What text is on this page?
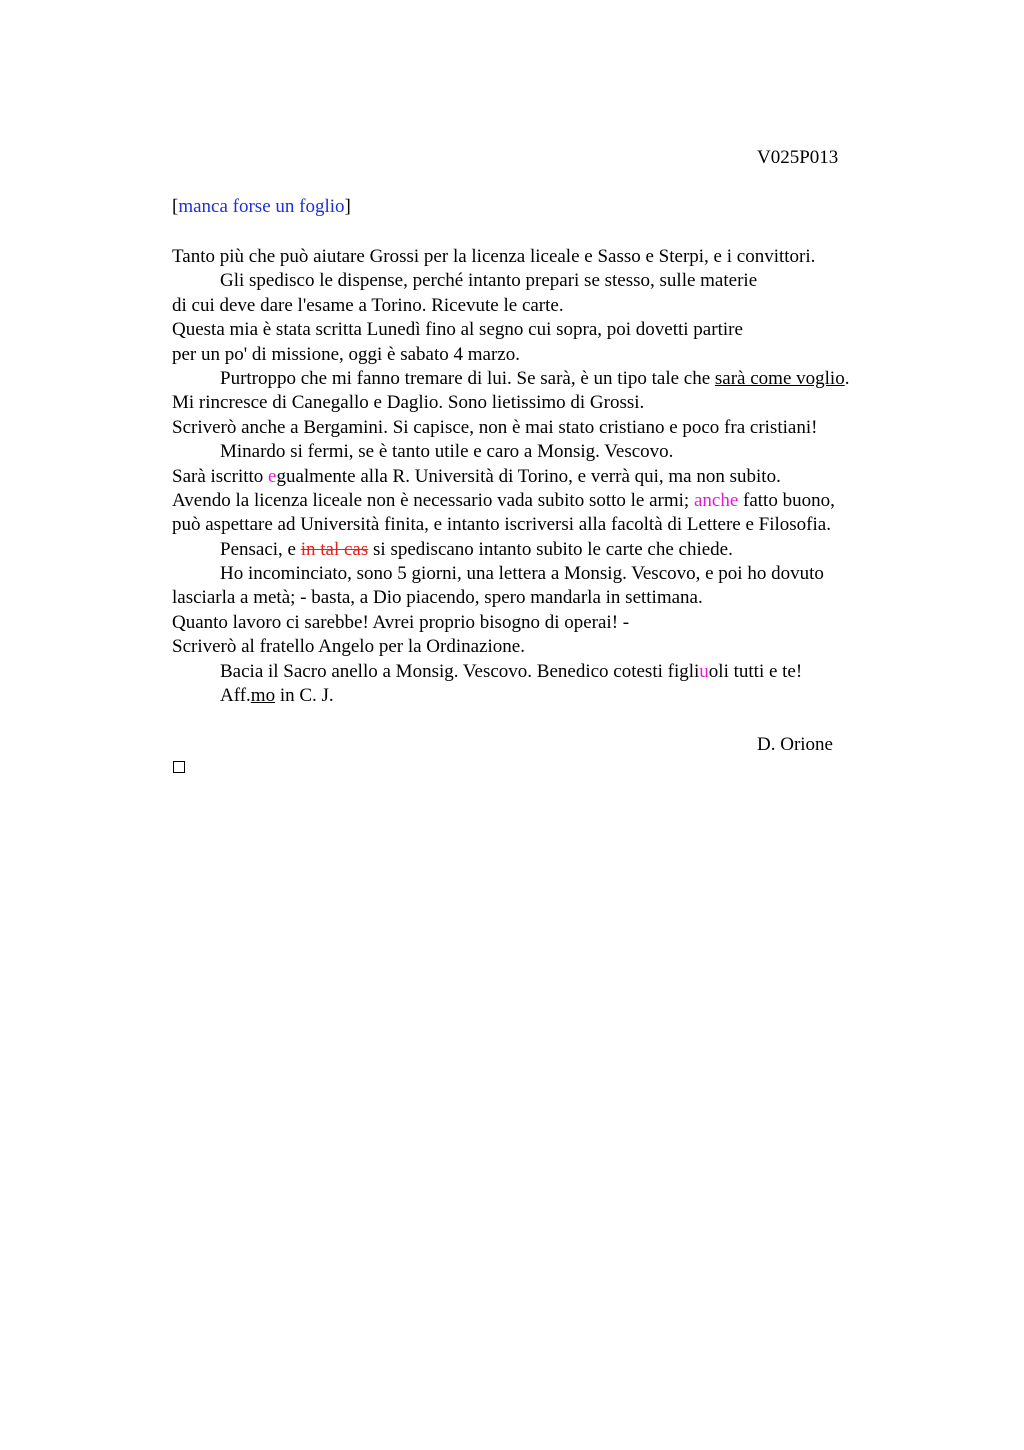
V025P013
[manca forse un foglio]
Tanto più che può aiutare Grossi per la licenza liceale e Sasso e Sterpi, e i convittori.
Gli spedisco le dispense, perché intanto prepari se stesso, sulle materie
di cui deve dare l'esame a Torino. Ricevute le carte.
Questa mia è stata scritta Lunedì fino al segno cui sopra, poi dovetti partire
per un po' di missione, oggi è sabato 4 marzo.
Purtroppo che mi fanno tremare di lui. Se sarà, è un tipo tale che sarà come voglio.
Mi rincresce di Canegallo e Daglio. Sono lietissimo di Grossi.
Scriverò anche a Bergamini. Si capisce, non è mai stato cristiano e poco fra cristiani!
Minardo si fermi, se è tanto utile e caro a Monsig. Vescovo.
Sarà iscritto egualmente alla R. Università di Torino, e verrà qui, ma non subito.
Avendo la licenza liceale non è necessario vada subito sotto le armi; anche fatto buono,
può aspettare ad Università finita, e intanto iscriversi alla facoltà di Lettere e Filosofia.
Pensaci, e in tal cas si spediscano intanto subito le carte che chiede.
Ho incominciato, sono 5 giorni, una lettera a Monsig. Vescovo, e poi ho dovuto
lasciarla a metà; - basta, a Dio piacendo, spero mandarla in settimana.
Quanto lavoro ci sarebbe! Avrei proprio bisogno di operai! -
Scriverò al fratello Angelo per la Ordinazione.
Bacia il Sacro anello a Monsig. Vescovo. Benedico cotesti figliuoli tutti e te!
Aff.mo in C. J.
D. Orione
